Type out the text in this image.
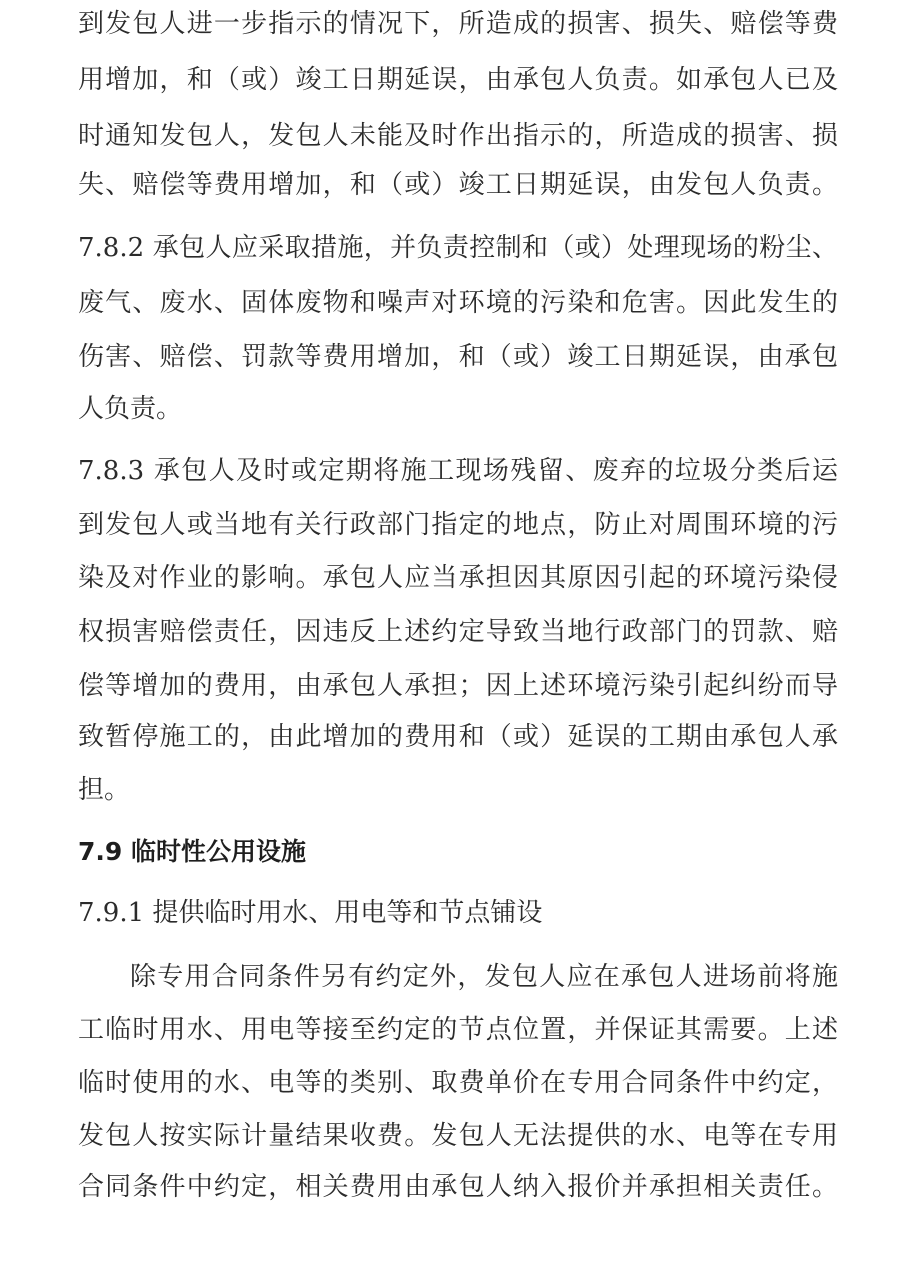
到发包人进一步指示的情况下，所造成的损害、损失、赔偿等费
用增加，和（或）竣工日期延误，由承包人负责。如承包人已及
时通知发包人，发包人未能及时作出指示的，所造成的损害、损
失、赔偿等费用增加，和（或）竣工日期延误，由发包人负责。
7.8.2 承包人应采取措施，并负责控制和（或）处理现场的粉尘、
废气、废水、固体废物和噪声对环境的污染和危害。因此发生的
伤害、赔偿、罚款等费用增加，和（或）竣工日期延误，由承包
人负责。
7.8.3 承包人及时或定期将施工现场残留、废弃的垃圾分类后运
到发包人或当地有关行政部门指定的地点，防止对周围环境的污
染及对作业的影响。承包人应当承担因其原因引起的环境污染侵
权损害赔偿责任，因违反上述约定导致当地行政部门的罚款、赔
偿等增加的费用，由承包人承担；因上述环境污染引起纠纷而导
致暂停施工的，由此增加的费用和（或）延误的工期由承包人承
担。
7.9 临时性公用设施
7.9.1 提供临时用水、用电等和节点铺设
除专用合同条件另有约定外，发包人应在承包人进场前将施
工临时用水、用电等接至约定的节点位置，并保证其需要。上述
临时使用的水、电等的类别、取费单价在专用合同条件中约定，
发包人按实际计量结果收费。发包人无法提供的水、电等在专用
合同条件中约定，相关费用由承包人纳入报价并承担相关责任。
